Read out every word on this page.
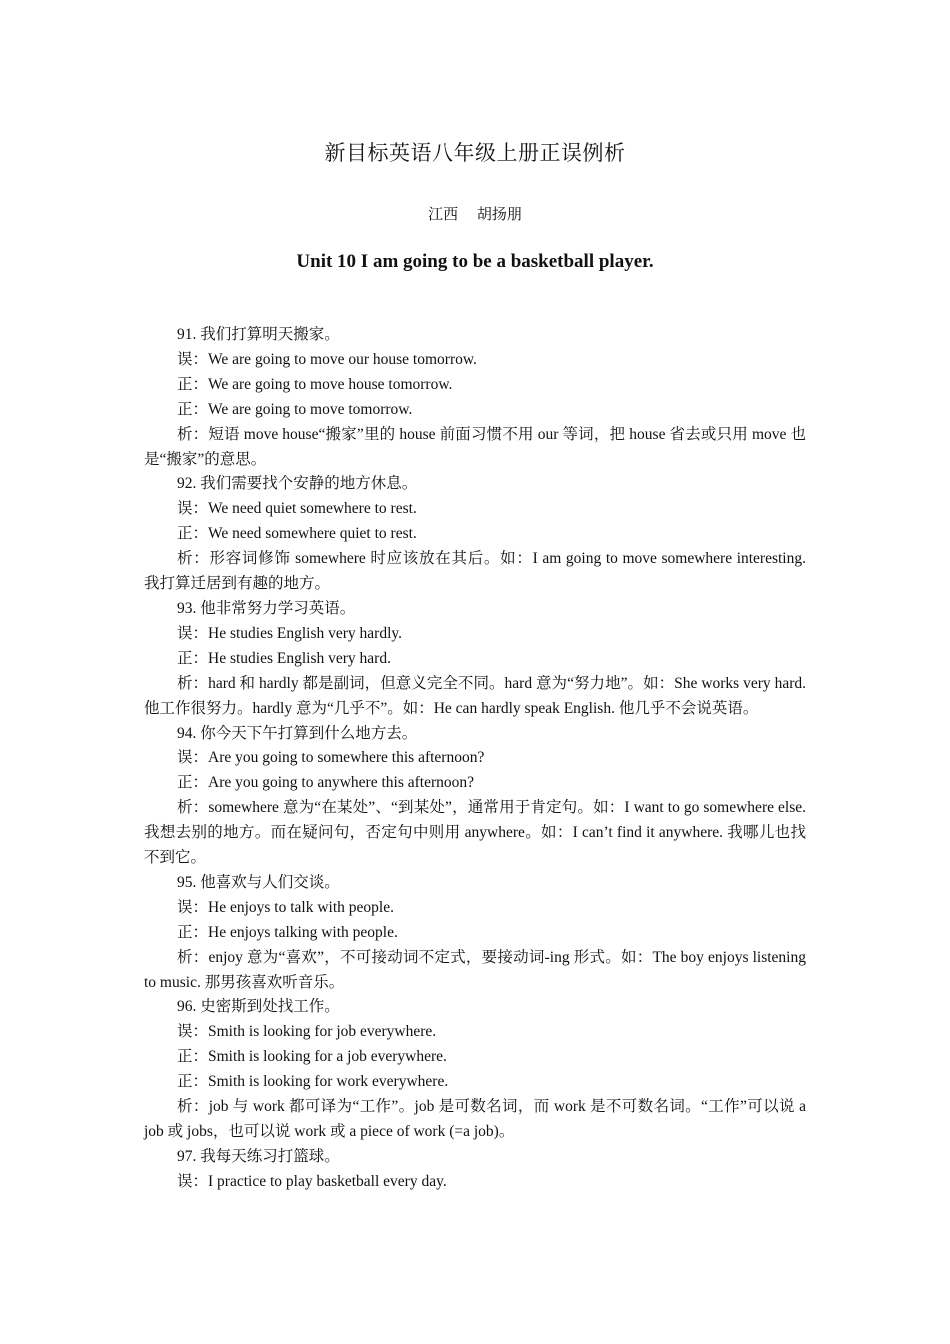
新目标英语八年级上册正误例析
江西 胡扬朋
Unit 10 I am going to be a basketball player.

91. 我们打算明天搬家。

误：We are going to move our house tomorrow.

正：We are going to move house tomorrow.

正：We are going to move tomorrow.

析：短语 move house“搬家”里的 house 前面习惯不用 our 等词，把 house 省去或只用 move 也是“搬家”的意思。

92. 我们需要找个安静的地方休息。

误：We need quiet somewhere to rest.

正：We need somewhere quiet to rest.

析：形容词修饰 somewhere 时应该放在其后。如：I am going to move somewhere interesting. 我打算迁居到有趣的地方。

93. 他非常努力学习英语。

误：He studies English very hardly.

正：He studies English very hard.

析：hard 和 hardly 都是副词，但意义完全不同。hard 意为“努力地”。如：She works very hard. 他工作很努力。hardly 意为“几乎不”。如：He can hardly speak English. 他几乎不会说英语。

94. 你今天下午打算到什么地方去。

误：Are you going to somewhere this afternoon?

正：Are you going to anywhere this afternoon?

析：somewhere 意为“在某处”、“到某处”，通常用于肯定句。如：I want to go somewhere else.我想去别的地方。而在疑问句，否定句中则用 anywhere。如：I can’t find it anywhere. 我哪儿也找不到它。

95. 他喜欢与人们交谈。

误：He enjoys to talk with people.

正：He enjoys talking with people.

析：enjoy 意为“喜欢”，不可接动词不定式，要接动词-ing 形式。如：The boy enjoys listening to music. 那男孩喜欢听音乐。

96. 史密斯到处找工作。

误：Smith is looking for job everywhere.

正：Smith is looking for a job everywhere.

正：Smith is looking for work everywhere.

析：job 与 work 都可译为“工作”。job 是可数名词，而 work 是不可数名词。“工作”可以说 a job 或 jobs，也可以说 work 或 a piece of work (=a job)。

97. 我每天练习打篮球。

误：I practice to play basketball every day.
